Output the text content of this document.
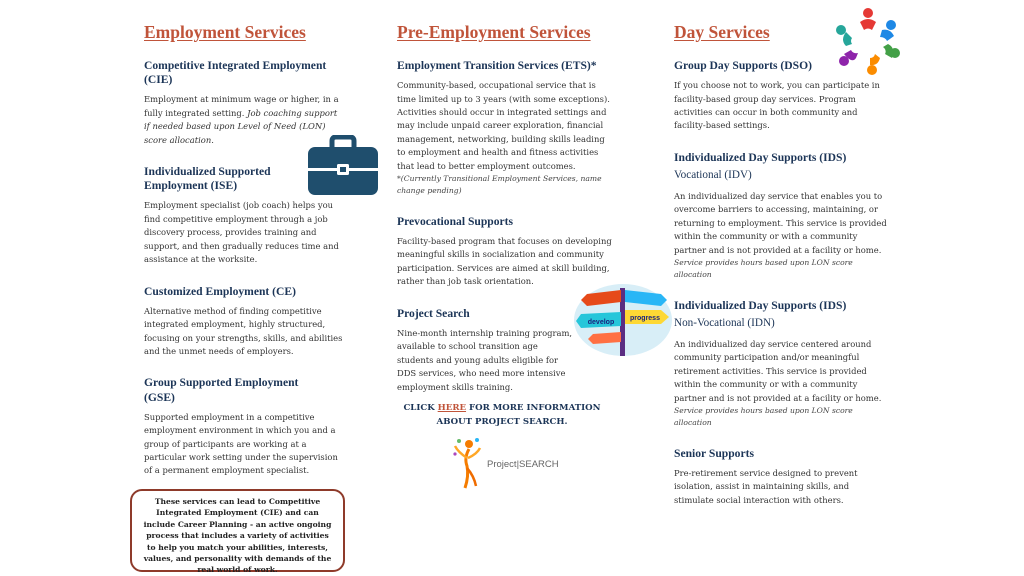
Employment Services
Competitive Integrated Employment (CIE)

Employment at minimum wage or higher, in a fully integrated setting. Job coaching support if needed based upon Level of Need (LON) score allocation.

Individualized Supported Employment (ISE)

Employment specialist (job coach) helps you find competitive employment through a job discovery process, provides training and support, and then gradually reduces time and assistance at the worksite.

Customized Employment (CE)

Alternative method of finding competitive integrated employment, highly structured, focusing on your strengths, skills, and abilities and the unmet needs of employers.

Group Supported Employment (GSE)

Supported employment in a competitive employment environment in which you and a group of participants are working at a particular work setting under the supervision of a permanent employment specialist.

These services can lead to Competitive Integrated Employment (CIE) and can include Career Planning - an active ongoing process that includes a variety of activities to help you match your abilities, interests, values, and personality with demands of the real world of work.
Pre-Employment Services
Employment Transition Services (ETS)*

Community-based, occupational service that is time limited up to 3 years (with some exceptions). Activities should occur in integrated settings and may include unpaid career exploration, financial management, networking, building skills leading to employment and health and fitness activities that lead to better employment outcomes.

*(Currently Transitional Employment Services, name change pending)

Prevocational Supports

Facility-based program that focuses on developing meaningful skills in socialization and community participation. Services are aimed at skill building, rather than job task orientation.

Project Search

Nine-month internship training program, available to school transition age students and young adults eligible for DDS services, who need more intensive employment skills training.

CLICK HERE FOR MORE INFORMATION ABOUT PROJECT SEARCH.
Day Services
Group Day Supports (DSO)

If you choose not to work, you can participate in facility-based group day services. Program activities can occur in both community and facility-based settings.

Individualized Day Supports (IDS)
Vocational (IDV)

An individualized day service that enables you to overcome barriers to accessing, maintaining, or returning to employment. This service is provided within the community or with a community partner and is not provided at a facility or home.

Service provides hours based upon LON score allocation

Individualized Day Supports (IDS)
Non-Vocational (IDN)

An individualized day service centered around community participation and/or meaningful retirement activities. This service is provided within the community or with a community partner and is not provided at a facility or home.

Service provides hours based upon LON score allocation

Senior Supports

Pre-retirement service designed to prevent isolation, assist in maintaining skills, and stimulate social interaction with others.

develop
progress
Project|SEARCH
